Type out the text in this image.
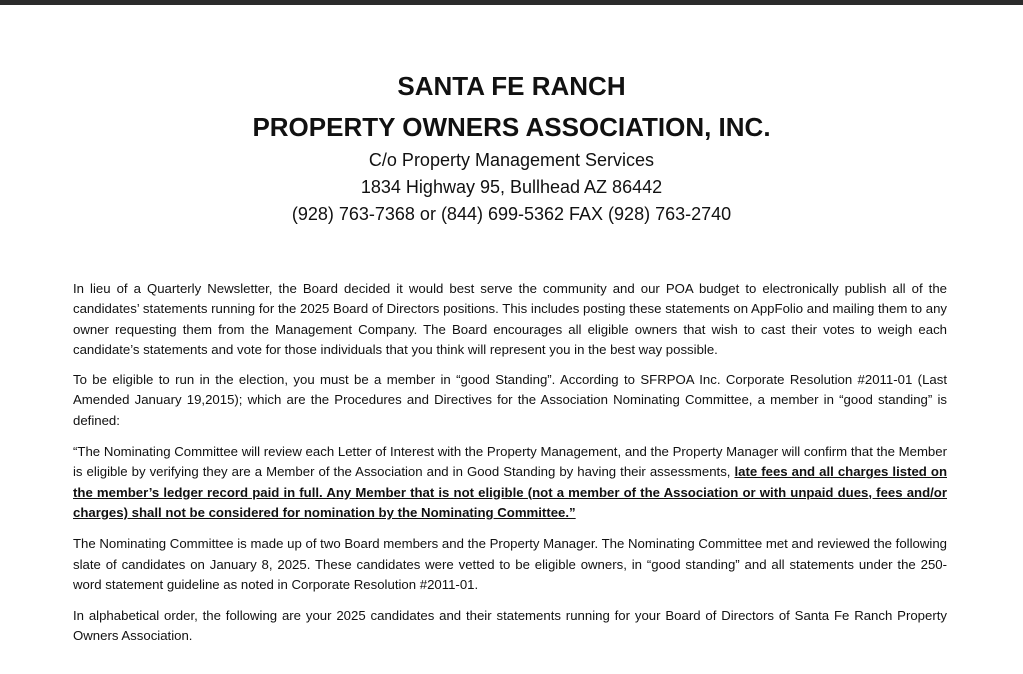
SANTA FE RANCH
PROPERTY OWNERS ASSOCIATION, INC.
C/o Property Management Services
1834 Highway 95, Bullhead AZ 86442
(928) 763-7368 or (844) 699-5362 FAX (928) 763-2740

In lieu of a Quarterly Newsletter, the Board decided it would best serve the community and our POA budget to electronically publish all of the candidates’ statements running for the 2025 Board of Directors positions. This includes posting these statements on AppFolio and mailing them to any owner requesting them from the Management Company. The Board encourages all eligible owners that wish to cast their votes to weigh each candidate’s statements and vote for those individuals that you think will represent you in the best way possible.

To be eligible to run in the election, you must be a member in “good Standing”. According to SFRPOA Inc. Corporate Resolution #2011-01 (Last Amended January 19,2015); which are the Procedures and Directives for the Association Nominating Committee, a member in “good standing” is defined:

“The Nominating Committee will review each Letter of Interest with the Property Management, and the Property Manager will confirm that the Member is eligible by verifying they are a Member of the Association and in Good Standing by having their assessments, late fees and all charges listed on the member’s ledger record paid in full. Any Member that is not eligible (not a member of the Association or with unpaid dues, fees and/or charges) shall not be considered for nomination by the Nominating Committee.”

The Nominating Committee is made up of two Board members and the Property Manager. The Nominating Committee met and reviewed the following slate of candidates on January 8, 2025. These candidates were vetted to be eligible owners, in “good standing” and all statements under the 250-word statement guideline as noted in Corporate Resolution #2011-01.

In alphabetical order, the following are your 2025 candidates and their statements running for your Board of Directors of Santa Fe Ranch Property Owners Association.
